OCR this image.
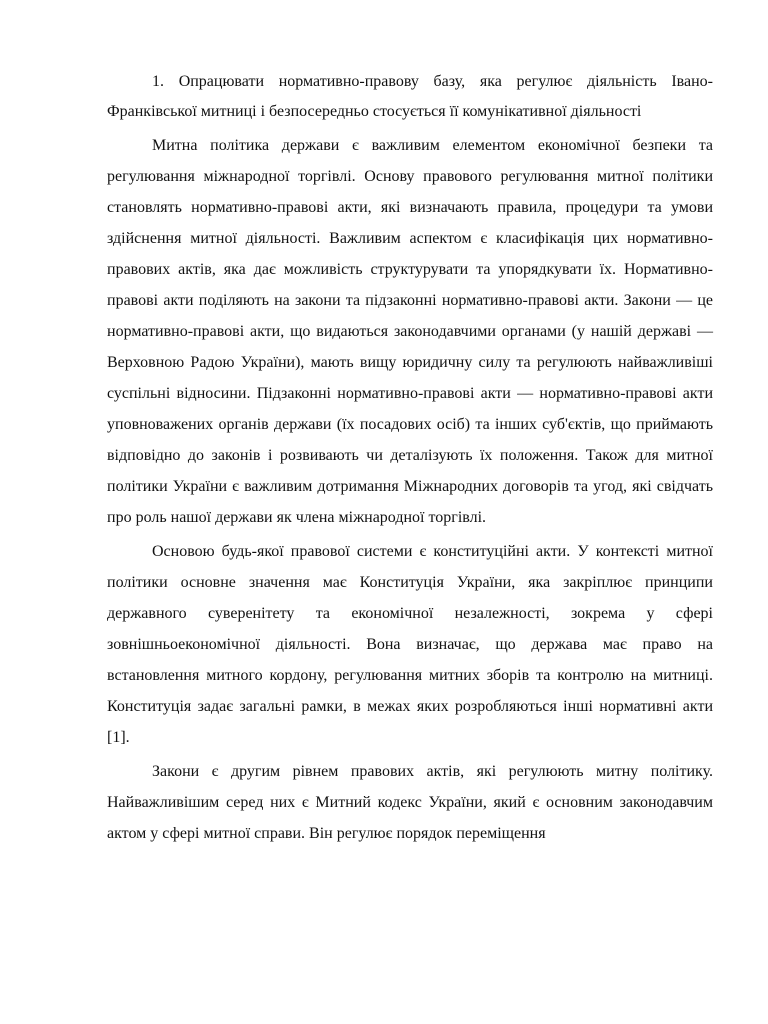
1. Опрацювати нормативно-правову базу, яка регулює діяльність Івано-Франківської митниці і безпосередньо стосується її комунікативної діяльності

Митна політика держави є важливим елементом економічної безпеки та регулювання міжнародної торгівлі. Основу правового регулювання митної політики становлять нормативно-правові акти, які визначають правила, процедури та умови здійснення митної діяльності. Важливим аспектом є класифікація цих нормативно-правових актів, яка дає можливість структурувати та упорядкувати їх. Нормативно-правові акти поділяють на закони та підзаконні нормативно-правові акти. Закони — це нормативно-правові акти, що видаються законодавчими органами (у нашій державі — Верховною Радою України), мають вищу юридичну силу та регулюють найважливіші суспільні відносини. Підзаконні нормативно-правові акти — нормативно-правові акти уповноважених органів держави (їх посадових осіб) та інших суб'єктів, що приймають відповідно до законів і розвивають чи деталізують їх положення. Також для митної політики України є важливим дотримання Міжнародних договорів та угод, які свідчать про роль нашої держави як члена міжнародної торгівлі.

Основою будь-якої правової системи є конституційні акти. У контексті митної політики основне значення має Конституція України, яка закріплює принципи державного суверенітету та економічної незалежності, зокрема у сфері зовнішньоекономічної діяльності. Вона визначає, що держава має право на встановлення митного кордону, регулювання митних зборів та контролю на митниці. Конституція задає загальні рамки, в межах яких розробляються інші нормативні акти [1].

Закони є другим рівнем правових актів, які регулюють митну політику. Найважливішим серед них є Митний кодекс України, який є основним законодавчим актом у сфері митної справи. Він регулює порядок переміщення
